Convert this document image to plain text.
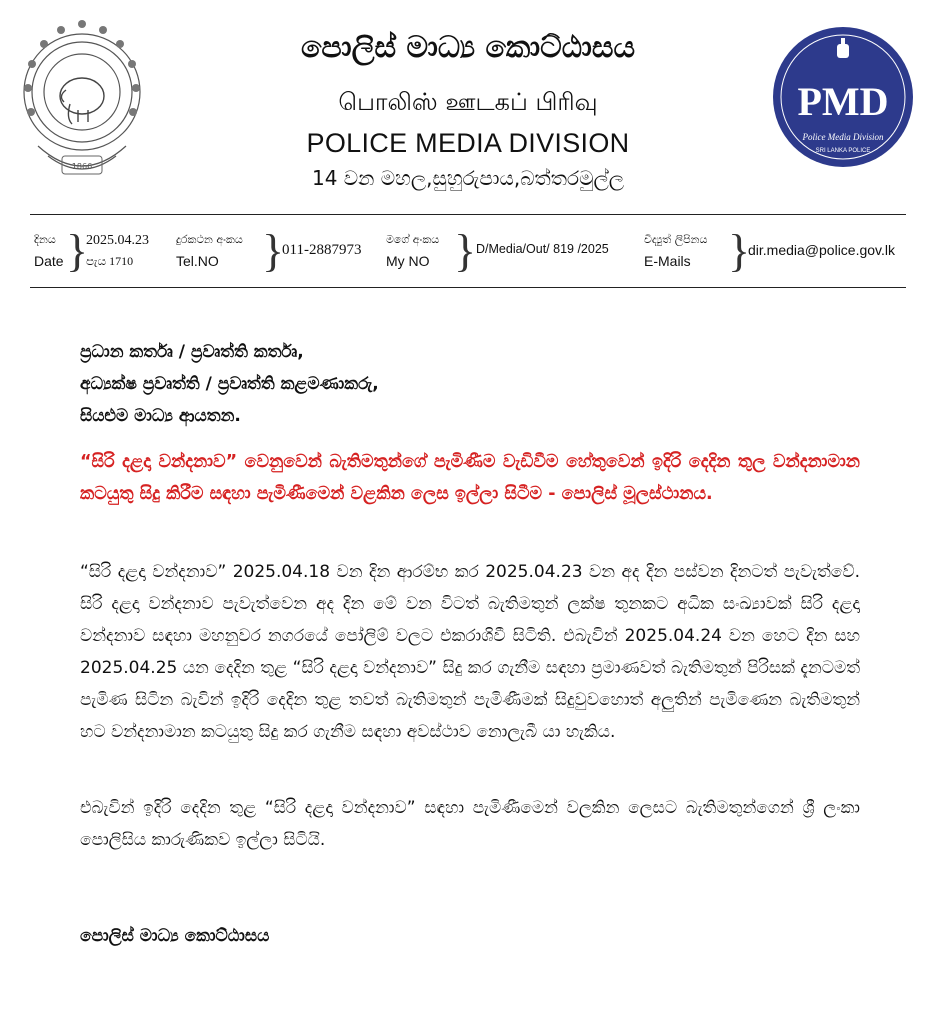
1866
පොලිස් මාධ්‍ය කොට්ඨාසය
பொலிஸ் ஊடகப் பிரிவு
POLICE MEDIA DIVISION
14 වන මහල,සුහුරුපාය,බත්තරමුල්ල
PMD
Police Media Division
SRI LANKA POLICE
දිනය
Date }
2025.04.23
පැය 1710
දුරකථන අංකය
Tel.NO }
011-2887973
මගේ අංකය
My NO } D/Media/Out/ 819 /2025
විද්‍යුත් ලිපිනය
E-Mails }
dir.media@police.gov.lk
ප්‍රධාන කර්තෘ / ප්‍රවෘත්ති කර්තෘ,
අධ්‍යක්ෂ ප්‍රවෘත්ති / ප්‍රවෘත්ති කළමණාකරු,
සියළුම මාධ්‍ය ආයතන.
“සිරි දළදා වන්දනාව” වෙනුවෙන් බැතිමතුන්ගේ පැමිණීම වැඩිවීම හේතුවෙන් ඉදිරි දෙදින තුල වන්දනාමාන කටයුතු සිදු කිරීම සඳහා පැමිණීමෙන් වළකින ලෙස ඉල්ලා සිටීම - පොලිස් මූලස්ථානය.
“සිරි දළදා වන්දනාව” 2025.04.18 වන දින ආරම්භ කර 2025.04.23 වන අද දින පස්වන දිනටත් පැවැත්වේ. සිරි දළදා වන්දනාව පැවැත්වෙන අද දින මේ වන විටත් බැතිමතුන් ලක්ෂ තුනකට අධික සංඛ්‍යාවක් සිරි දළදා වන්දනාව සඳහා මහනුවර නගරයේ පෝලිම් වලට එකරාශිවී සිටිති. එබැවින් 2025.04.24 වන හෙට දින සහ 2025.04.25 යන දෙදින තුළ “සිරි දළදා වන්දනාව” සිදු කර ගැනීම සඳහා ප්‍රමාණවත් බැතිමතුන් පිරිසක් දැනටමත් පැමිණ සිටින බැවින් ඉදිරි දෙදින තුළ තවත් බැතිමතුන් පැමිණීමක් සිදුවුවහොත් අලුතින් පැමිණෙන බැතිමතුන් හට වන්දනාමාන කටයුතු සිදු කර ගැනීම සඳහා අවස්ථාව නොලැබී යා හැකිය.
එබැවින් ඉදිරි දෙදින තුළ “සිරි දළදා වන්දනාව” සඳහා පැමිණීමෙන් වලකින ලෙසට බැතිමතුන්ගෙන් ශ්‍රී ලංකා පොලිසිය කාරුණිකව ඉල්ලා සිටියි.
පොලිස් මාධ්‍ය කොට්ඨාසය
